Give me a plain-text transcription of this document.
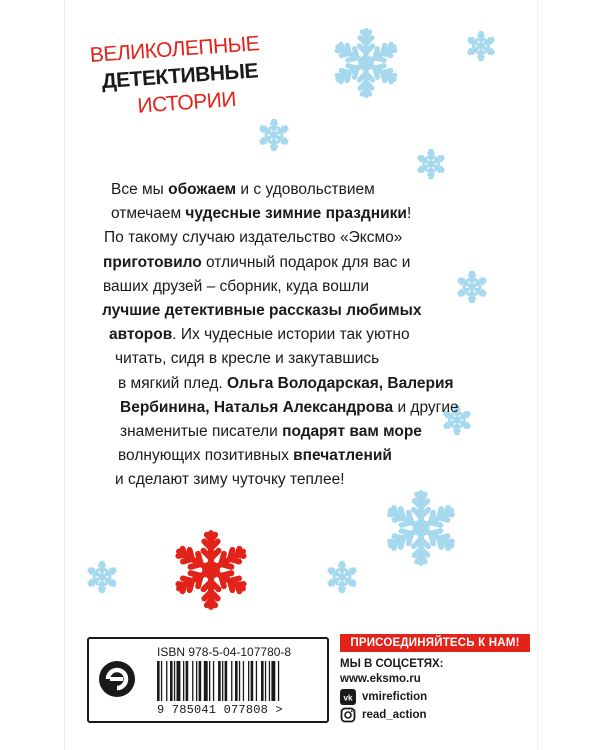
ВЕЛИКОЛЕПНЫЕ
ДЕТЕКТИВНЫЕ
ИСТОРИИ
Все мы обожаем и с удовольствием
отмечаем чудесные зимние праздники!
По такому случаю издательство «Эксмо»
приготовило отличный подарок для вас и
ваших друзей – сборник, куда вошли
лучшие детективные рассказы любимых
авторов. Их чудесные истории так уютно
читать, сидя в кресле и закутавшись
в мягкий плед. Ольга Володарская, Валерия
Вербинина, Наталья Александрова и другие
знаменитые писатели подарят вам море
волнующих позитивных впечатлений
и сделают зиму чуточку теплее!
ISBN 978-5-04-107780-8
9 785041 077808 >
ПРИСОЕДИНЯЙТЕСЬ К НАМ!
МЫ В СОЦСЕТЯХ:
www.eksmo.ru
vk vmirefiction
read_action
